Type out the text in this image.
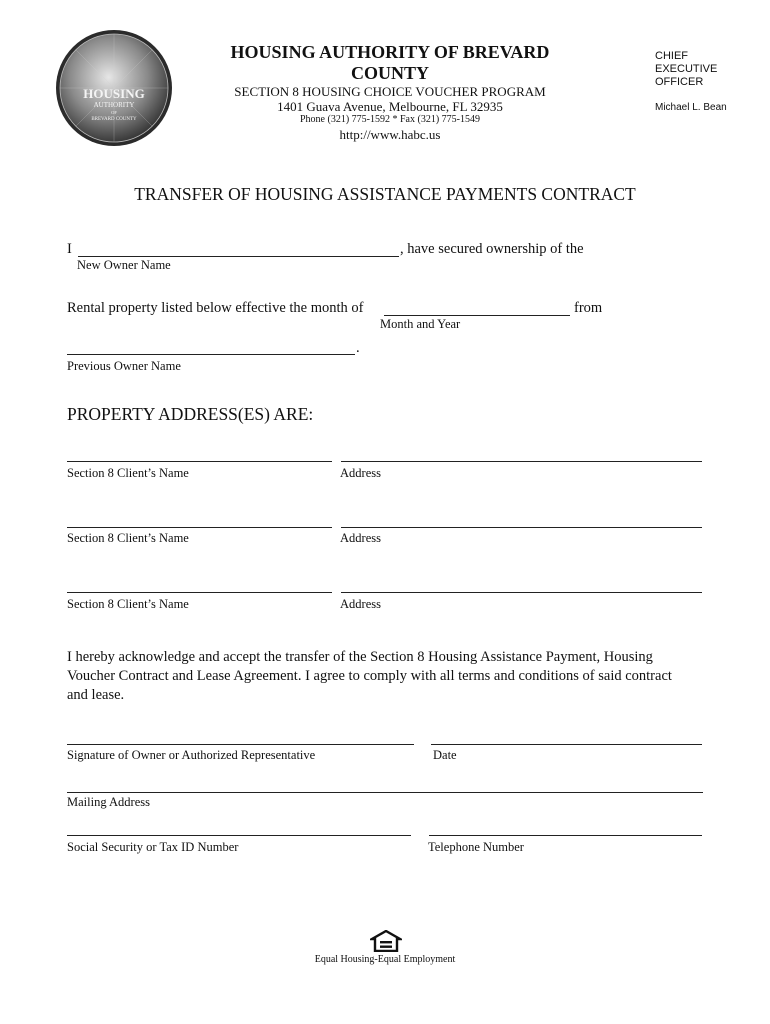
HOUSING
AUTHORITY
OF
BREVARD COUNTY
HOUSING AUTHORITY OF BREVARD
COUNTY
SECTION 8 HOUSING CHOICE VOUCHER PROGRAM
1401 Guava Avenue, Melbourne, FL 32935
Phone (321) 775-1592 * Fax (321) 775-1549
http://www.habc.us
CHIEF
EXECUTIVE
OFFICER
Michael L. Bean
TRANSFER OF HOUSING ASSISTANCE PAYMENTS CONTRACT
I	, have secured ownership of the
New Owner Name
Rental property listed below effective the month of	from
Month and Year
.
Previous Owner Name
PROPERTY ADDRESS(ES) ARE:
Section 8 Client’s Name	Address
Section 8 Client’s Name	Address
Section 8 Client’s Name	Address
I hereby acknowledge and accept the transfer of the Section 8 Housing Assistance Payment, Housing
Voucher Contract and Lease Agreement. I agree to comply with all terms and conditions of said contract
and lease.
Signature of Owner or Authorized Representative	Date
Mailing Address
Social Security or Tax ID Number	Telephone Number
Equal Housing-Equal Employment
